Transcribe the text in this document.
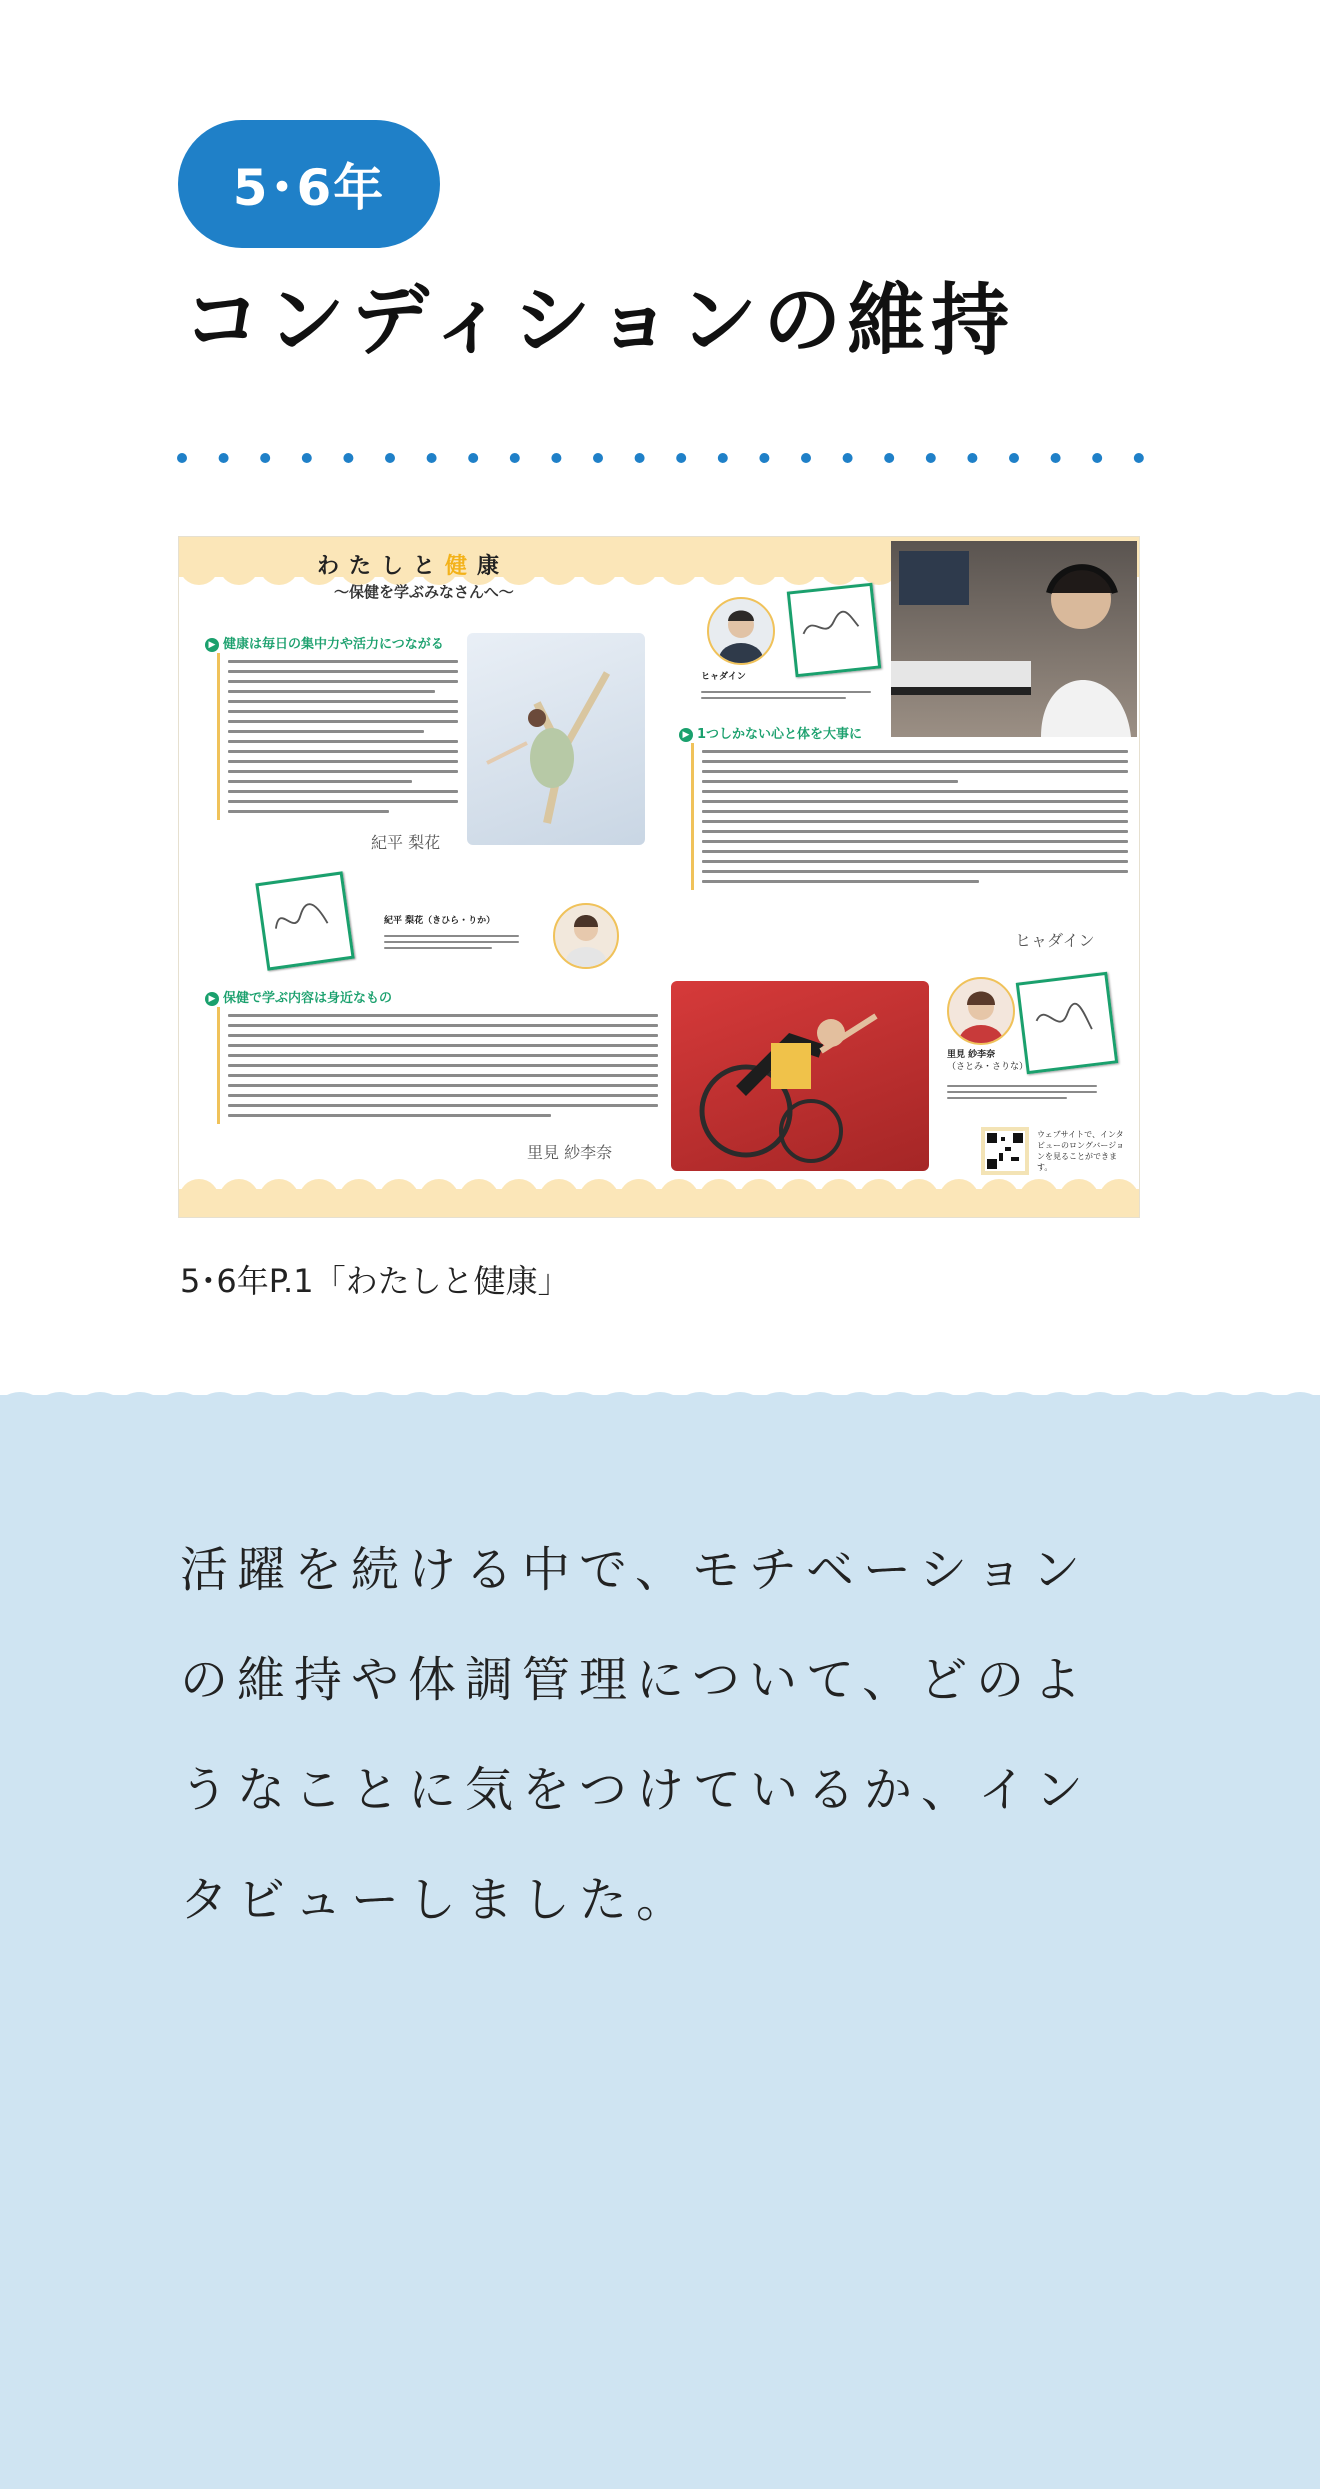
5･6年
コンディションの維持
わたしと健康
〜保健を学ぶみなさんへ〜
▶ 健康は毎日の集中力や活力につながる
紀平 梨花
紀平 梨花（きひら・りか）
▶ 保健で学ぶ内容は身近なもの
里見 紗李奈
ヒャダイン
▶ 1つしかない心と体を大事に
ヒャダイン
里見 紗李奈
（さとみ・さりな）
ウェブサイトで、インタビューのロングバージョンを見ることができます。
5･6年P.1「わたしと健康」

活躍を続ける中で、モチベーションの維持や体調管理について、どのようなことに気をつけているか、インタビューしました。
